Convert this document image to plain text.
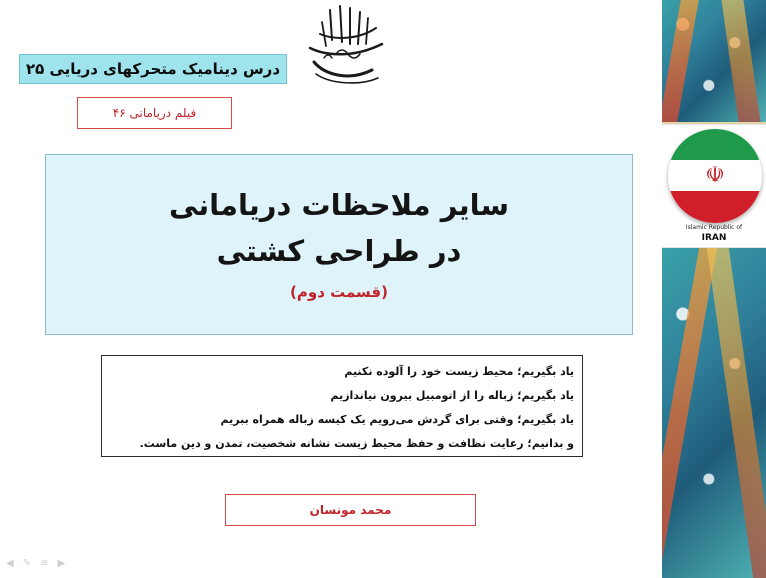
درس دینامیک متحرکهای دریایی ۲۵
فیلم دریامانی ۴۶
سایر ملاحظات دریامانی
در طراحی کشتی
(قسمت دوم)
یاد بگیریم؛ محیط زیست خود را آلوده نکنیم
یاد بگیریم؛ زباله را از اتومبیل بیرون نیاندازیم
یاد بگیریم؛ وقتی برای گردش می‌رویم یک کیسه زباله همراه ببریم
و بدانیم؛ رعایت نظافت و حفظ محیط زیست نشانه شخصیت، تمدن و دین ماست.
محمد مونسان
☫
Islamic Republic of
IRAN
◀ ✎ ≡ ▶
